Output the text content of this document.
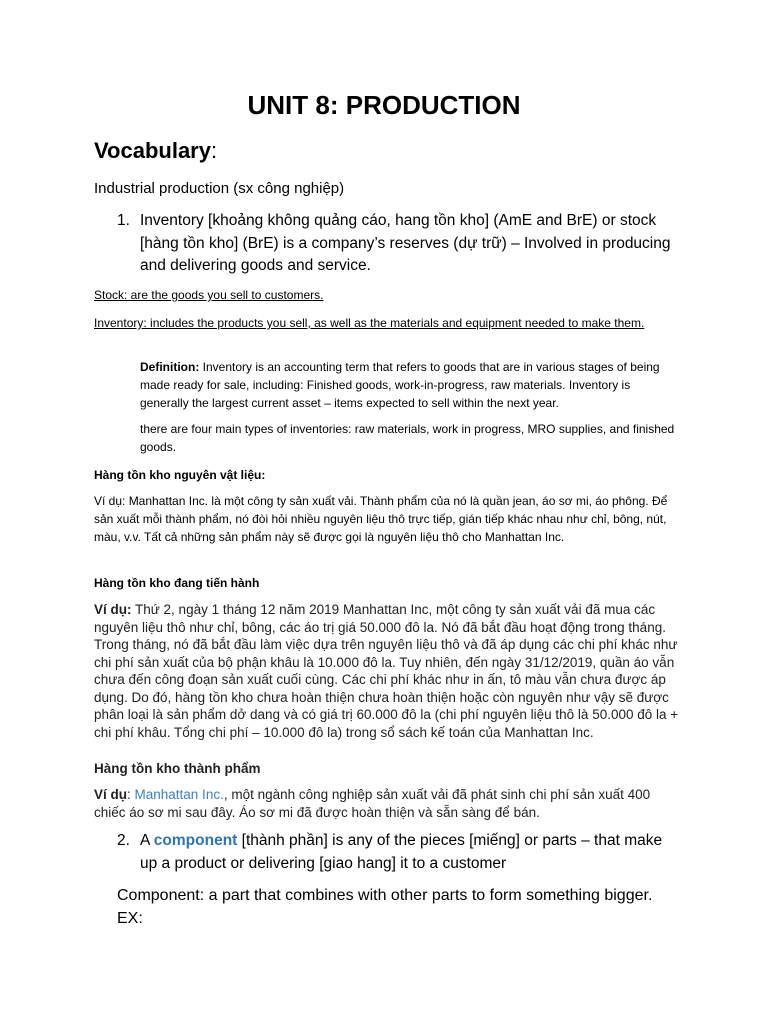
UNIT 8: PRODUCTION
Vocabulary:

Industrial production (sx công nghiệp)

1. Inventory [khoảng không quảng cáo, hang tồn kho] (AmE and BrE) or stock [hàng tồn kho] (BrE) is a company’s reserves (dự trữ) – Involved in producing and delivering goods and service.

Stock: are the goods you sell to customers.

Inventory: includes the products you sell, as well as the materials and equipment needed to make them.

Definition: Inventory is an accounting term that refers to goods that are in various stages of being made ready for sale, including: Finished goods, work-in-progress, raw materials. Inventory is generally the largest current asset – items expected to sell within the next year.

there are four main types of inventories: raw materials, work in progress, MRO supplies, and finished goods.

Hàng tồn kho nguyên vật liệu:

Ví dụ: Manhattan Inc. là một công ty sản xuất vải. Thành phẩm của nó là quần jean, áo sơ mi, áo phông. Để sản xuất mỗi thành phẩm, nó đòi hỏi nhiều nguyên liệu thô trực tiếp, gián tiếp khác nhau như chỉ, bông, nút, màu, v.v. Tất cả những sản phẩm này sẽ được gọi là nguyên liệu thô cho Manhattan Inc.

Hàng tồn kho đang tiến hành

Ví dụ: Thứ 2, ngày 1 tháng 12 năm 2019 Manhattan Inc, một công ty sản xuất vải đã mua các nguyên liệu thô như chỉ, bông, các áo trị giá 50.000 đô la. Nó đã bắt đầu hoạt động trong tháng. Trong tháng, nó đã bắt đầu làm việc dựa trên nguyên liệu thô và đã áp dụng các chi phí khác như chi phí sản xuất của bộ phận khâu là 10.000 đô la. Tuy nhiên, đến ngày 31/12/2019, quần áo vẫn chưa đến công đoạn sản xuất cuối cùng. Các chi phí khác như in ấn, tô màu vẫn chưa được áp dụng. Do đó, hàng tồn kho chưa hoàn thiện chưa hoàn thiện hoặc còn nguyên như vậy sẽ được phân loại là sản phẩm dở dang và có giá trị 60.000 đô la (chi phí nguyên liệu thô là 50.000 đô la + chi phí khâu. Tổng chi phí – 10.000 đô la) trong sổ sách kế toán của Manhattan Inc.

Hàng tồn kho thành phẩm

Ví dụ: Manhattan Inc., một ngành công nghiệp sản xuất vải đã phát sinh chi phí sản xuất 400 chiếc áo sơ mi sau đây. Áo sơ mi đã được hoàn thiện và sẵn sàng để bán.

2. A component [thành phần] is any of the pieces [miếng] or parts – that make up a product or delivering [giao hang] it to a customer

Component: a part that combines with other parts to form something bigger. EX:
